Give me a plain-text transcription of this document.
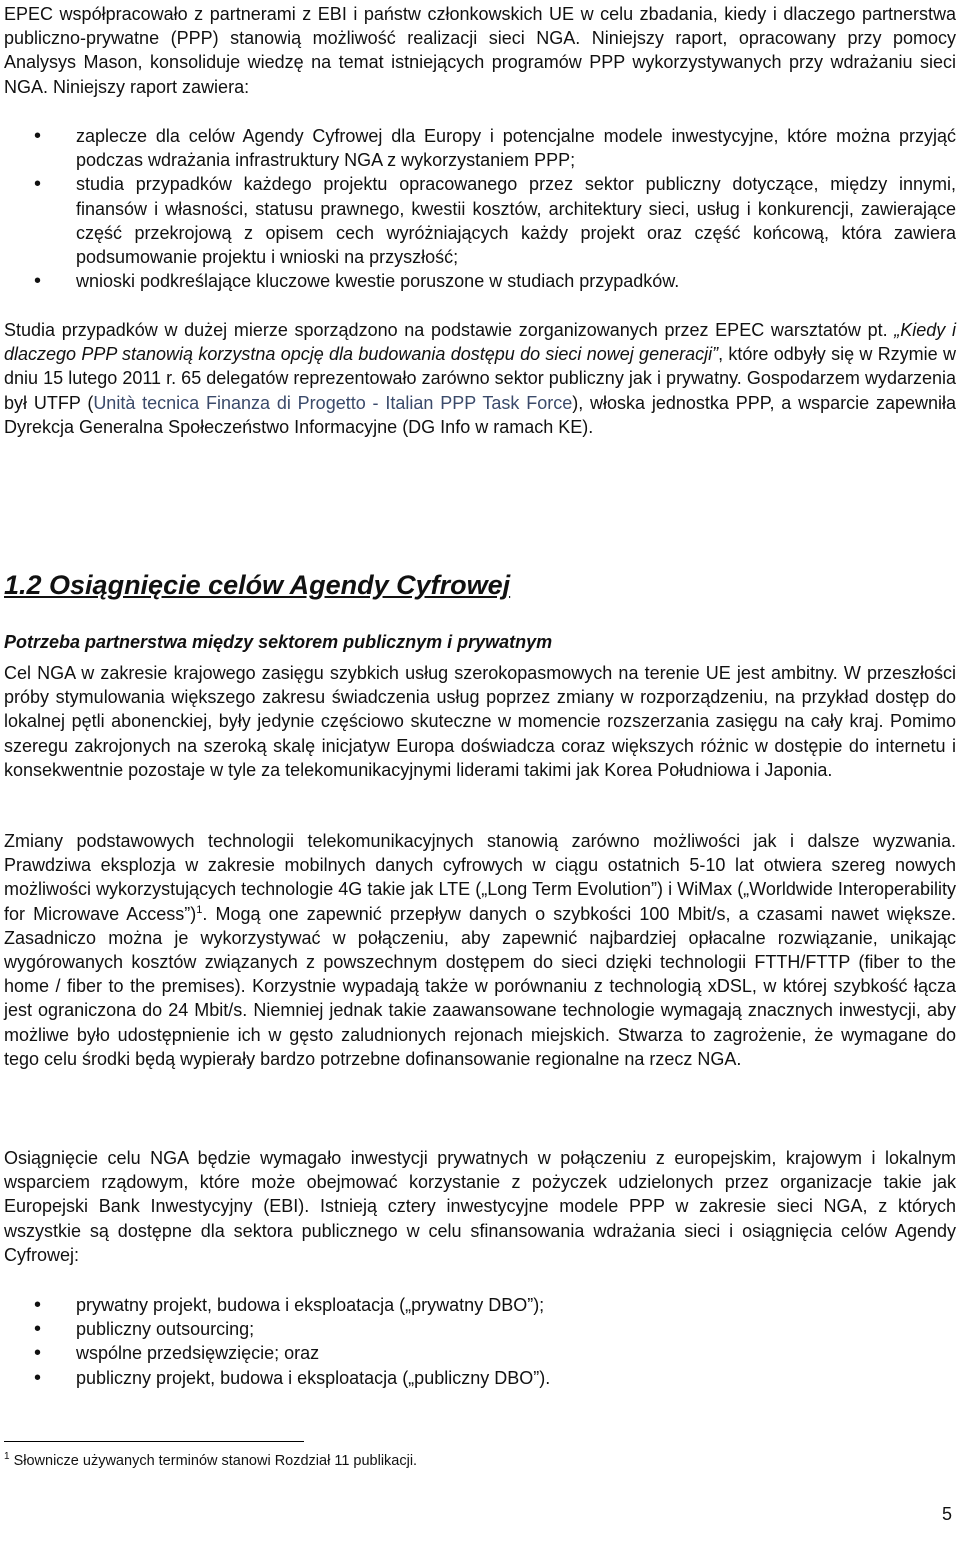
EPEC współpracowało z partnerami z EBI i państw członkowskich UE w celu zbadania, kiedy i dlaczego partnerstwa publiczno-prywatne (PPP) stanowią możliwość realizacji sieci NGA. Niniejszy raport, opracowany przy pomocy Analysys Mason, konsoliduje wiedzę na temat istniejących programów PPP wykorzystywanych przy wdrażaniu sieci NGA. Niniejszy raport zawiera:

• zaplecze dla celów Agendy Cyfrowej dla Europy i potencjalne modele inwestycyjne, które można przyjąć podczas wdrażania infrastruktury NGA z wykorzystaniem PPP;
• studia przypadków każdego projektu opracowanego przez sektor publiczny dotyczące, między innymi, finansów i własności, statusu prawnego, kwestii kosztów, architektury sieci, usług i konkurencji, zawierające część przekrojową z opisem cech wyróżniających każdy projekt oraz część końcową, która zawiera podsumowanie projektu i wnioski na przyszłość;
• wnioski podkreślające kluczowe kwestie poruszone w studiach przypadków.

Studia przypadków w dużej mierze sporządzono na podstawie zorganizowanych przez EPEC warsztatów pt. „Kiedy i dlaczego PPP stanowią korzystna opcję dla budowania dostępu do sieci nowej generacji”, które odbyły się w Rzymie w dniu 15 lutego 2011 r. 65 delegatów reprezentowało zarówno sektor publiczny jak i prywatny. Gospodarzem wydarzenia był UTFP (Unità tecnica Finanza di Progetto - Italian PPP Task Force), włoska jednostka PPP, a wsparcie zapewniła Dyrekcja Generalna Społeczeństwo Informacyjne (DG Info w ramach KE).

1.2 Osiągnięcie celów Agendy Cyfrowej
Potrzeba partnerstwa między sektorem publicznym i prywatnym

Cel NGA w zakresie krajowego zasięgu szybkich usług szerokopasmowych na terenie UE jest ambitny. W przeszłości próby stymulowania większego zakresu świadczenia usług poprzez zmiany w rozporządzeniu, na przykład dostęp do lokalnej pętli abonenckiej, były jedynie częściowo skuteczne w momencie rozszerzania zasięgu na cały kraj. Pomimo szeregu zakrojonych na szeroką skalę inicjatyw Europa doświadcza coraz większych różnic w dostępie do internetu i konsekwentnie pozostaje w tyle za telekomunikacyjnymi liderami takimi jak Korea Południowa i Japonia.

Zmiany podstawowych technologii telekomunikacyjnych stanowią zarówno możliwości jak i dalsze wyzwania. Prawdziwa eksplozja w zakresie mobilnych danych cyfrowych w ciągu ostatnich 5-10 lat otwiera szereg nowych możliwości wykorzystujących technologie 4G takie jak LTE („Long Term Evolution”) i WiMax („Worldwide Interoperability for Microwave Access”)$^1$. Mogą one zapewnić przepływ danych o szybkości 100 Mbit/s, a czasami nawet większe. Zasadniczo można je wykorzystywać w połączeniu, aby zapewnić najbardziej opłacalne rozwiązanie, unikając wygórowanych kosztów związanych z powszechnym dostępem do sieci dzięki technologii FTTH/FTTP (fiber to the home / fiber to the premises). Korzystnie wypadają także w porównaniu z technologią xDSL, w której szybkość łącza jest ograniczona do 24 Mbit/s. Niemniej jednak takie zaawansowane technologie wymagają znacznych inwestycji, aby możliwe było udostępnienie ich w gęsto zaludnionych rejonach miejskich. Stwarza to zagrożenie, że wymagane do tego celu środki będą wypierały bardzo potrzebne dofinansowanie regionalne na rzecz NGA.

Osiągnięcie celu NGA będzie wymagało inwestycji prywatnych w połączeniu z europejskim, krajowym i lokalnym wsparciem rządowym, które może obejmować korzystanie z pożyczek udzielonych przez organizacje takie jak Europejski Bank Inwestycyjny (EBI). Istnieją cztery inwestycyjne modele PPP w zakresie sieci NGA, z których wszystkie są dostępne dla sektora publicznego w celu sfinansowania wdrażania sieci i osiągnięcia celów Agendy Cyfrowej:

• prywatny projekt, budowa i eksploatacja („prywatny DBO”);
• publiczny outsourcing;
• wspólne przedsięwzięcie; oraz
• publiczny projekt, budowa i eksploatacja („publiczny DBO”).

$^1$ Słownicze używanych terminów stanowi Rozdział 11 publikacji.

5
